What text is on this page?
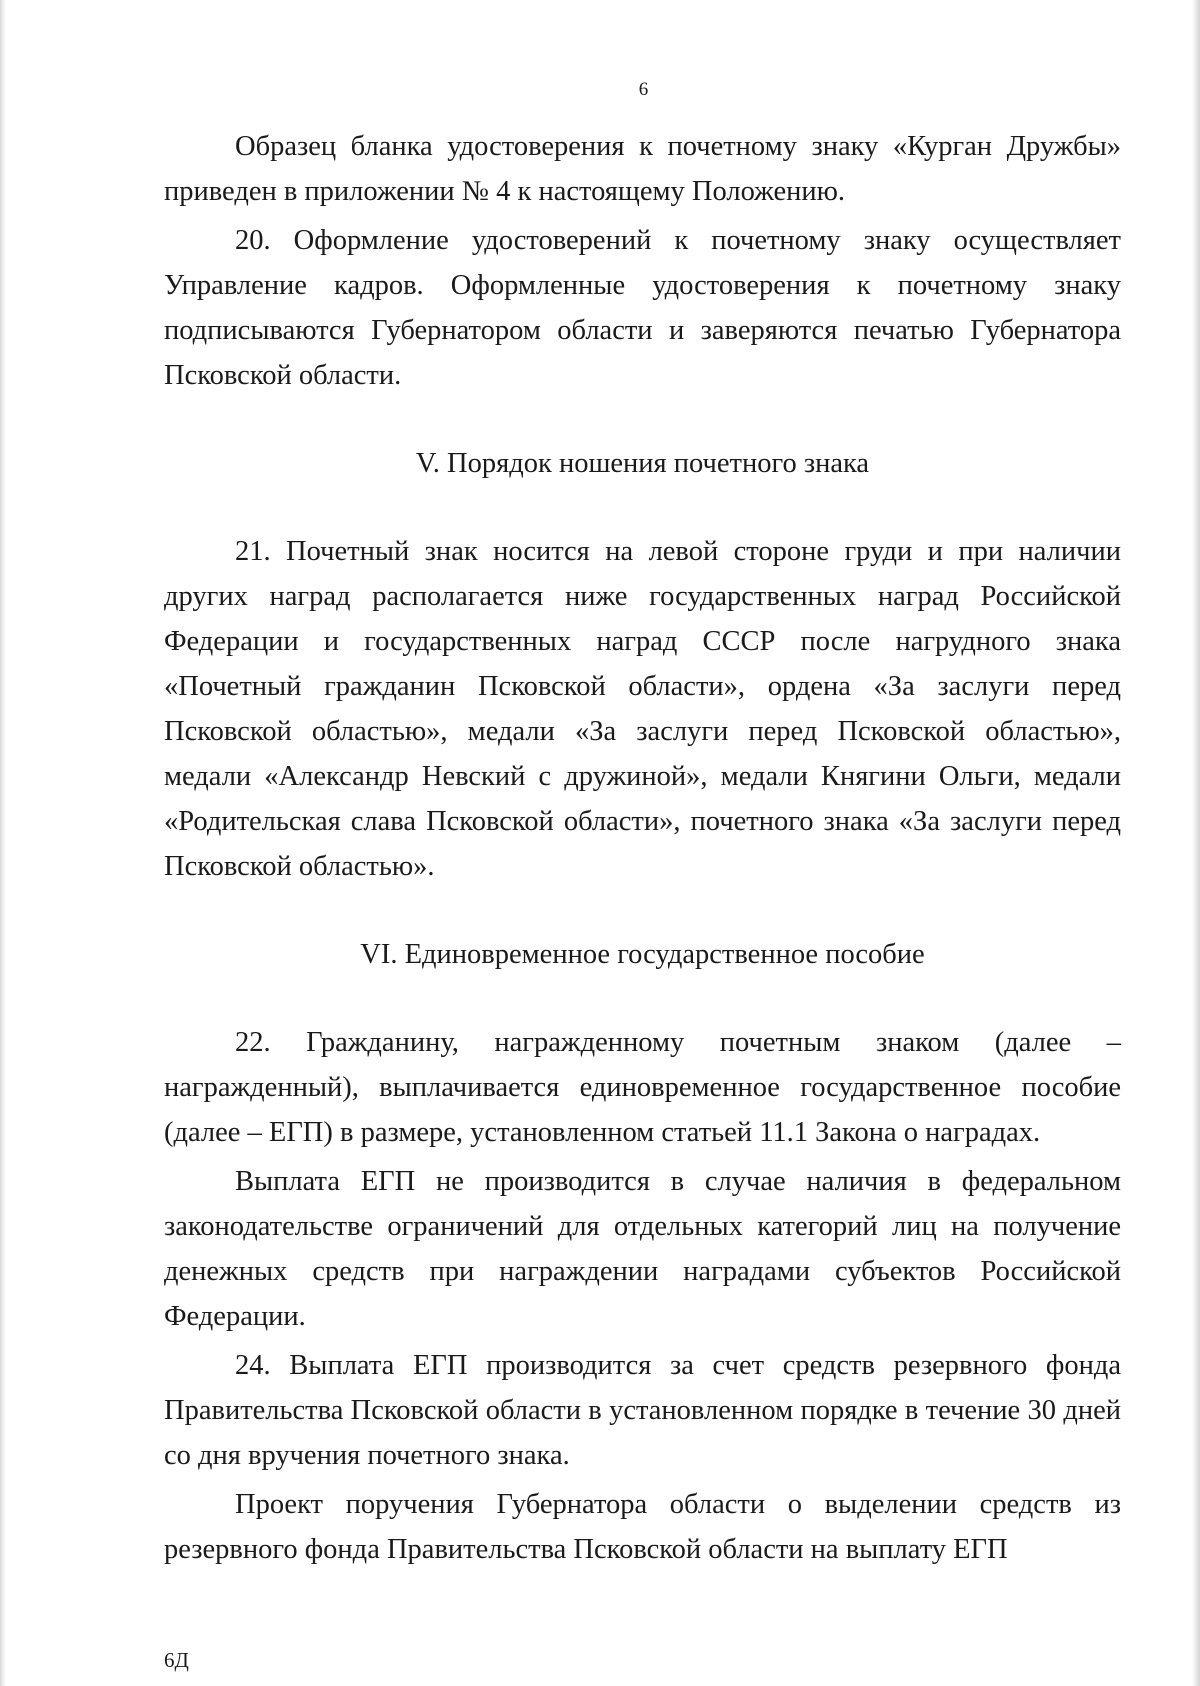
6

Образец бланка удостоверения к почетному знаку «Курган Дружбы» приведен в приложении № 4 к настоящему Положению.

20. Оформление удостоверений к почетному знаку осуществляет Управление кадров. Оформленные удостоверения к почетному знаку подписываются Губернатором области и заверяются печатью Губернатора Псковской области.

V. Порядок ношения почетного знака

21. Почетный знак носится на левой стороне груди и при наличии других наград располагается ниже государственных наград Российской Федерации и государственных наград СССР после нагрудного знака «Почетный гражданин Псковской области», ордена «За заслуги перед Псковской областью», медали «За заслуги перед Псковской областью», медали «Александр Невский с дружиной», медали Княгини Ольги, медали «Родительская слава Псковской области», почетного знака «За заслуги перед Псковской областью».

VI. Единовременное государственное пособие

22. Гражданину, награжденному почетным знаком (далее – награжденный), выплачивается единовременное государственное пособие (далее – ЕГП) в размере, установленном статьей 11.1 Закона о наградах.

Выплата ЕГП не производится в случае наличия в федеральном законодательстве ограничений для отдельных категорий лиц на получение денежных средств при награждении наградами субъектов Российской Федерации.

24. Выплата ЕГП производится за счет средств резервного фонда Правительства Псковской области в установленном порядке в течение 30 дней со дня вручения почетного знака.

Проект поручения Губернатора области о выделении средств из резервного фонда Правительства Псковской области на выплату ЕГП

6Д
